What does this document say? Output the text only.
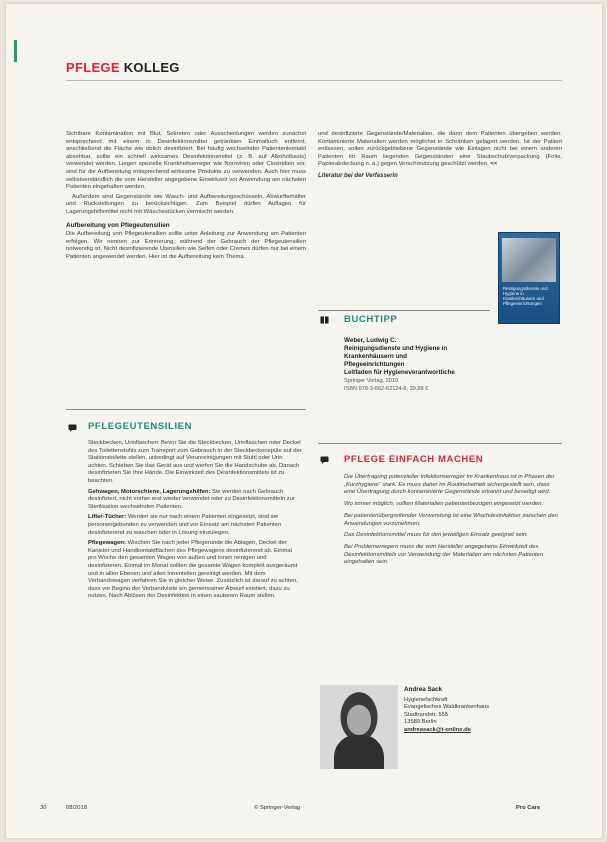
PFLEGE KOLLEG

Sichtbare Kontamination mit Blut, Sekreten oder Ausscheidungen werden zunächst entsprechend mit einem in Desinfektionsmittel getränkten Einmaltuch entfernt, anschließend die Fläche wie üblich desinfiziert. Bei häufig wechselnder Patientenkontakt absehbar, sollte ein schnell wirksames Desinfektionsmittel (z. B. auf Alkoholbasis) verwendet werden. Liegen spezielle Krankheitserreger wie Noroviren oder Clostridien vor, sind für die Aufbereitung entsprechend wirksame Produkte zu verwenden. Auch hier muss selbstverständlich die vom Hersteller angegebene Einwirkzeit vor Anwendung am nächsten Patienten eingehalten werden.

Außerdem sind Gegenstände wie Wasch- und Aufbereitungsschüsseln, Abwurfbehälter und Rückstellungen zu berücksichtigen. Zum Beispiel dürfen Auflagen für Lagerungshilfsmittel nicht mit Wäschestücken vermischt werden.

Aufbereitung von Pflegeutensilien

Die Aufbereitung von Pflegeutensilien sollte unter Anleitung zur Anwendung am Patienten erfolgen. Wir nennen zur Erinnerung, während der Gebrauch der Pflegeutensilien notwendig ist. Nicht desinfizierende Utensilien wie Seifen oder Cremes dürfen nur bei einem Patienten angewendet werden. Hier ist die Aufbereitung kein Thema.

und desinfizierte Gegenstände/Materialien, die dann dem Patienten übergeben werden. Kontaminierte Materialien werden möglichst in Schränken gelagert werden. Ist der Patient entlassen, sollen zurückgebliebene Gegenstände wie Einlagen nicht bei einem anderen Patienten im Raum liegenden Gegenständen eine Staubschutzverpackung (Folie, Papierabdeckung o. ä.) gegen Verschmutzung geschützt werden. <<

Literatur bei der Verfasserin
BUCHTIPP
Weber, Ludwig C.
Reinigungsdienste und Hygiene in
Krankenhäusern und
Pflegeeinrichtungen
Leitfaden für Hygieneverantwortliche
Springer Verlag, 2010
ISBN 978-3-662-62124-8, 39,99 €
Reinigungsdienste und Hygiene in Krankenhäusern und Pflegeeinrichtungen
PFLEGEUTENSILIEN

Steckbecken, Urinflaschen: Bevor Sie die Steckbecken, Urinflaschen oder Deckel des Toilettenstuhls zum Transport zum Gebrauch in der Steckbeckenspüle auf der Stationstoilette stellen, unbedingt auf Verunreinigungen mit Stuhl oder Urin achten. Schieben Sie das Gerät aus und werfen Sie die Handschuhe ab. Danach desinfizieren Sie Ihre Hände. Die Einwirkzeit des Desinfektionsmittels ist zu beachten.

Gehwagen, Motorschiene, Lagerungshilfen: Sie werden nach Gebrauch desinfiziert, nicht vorher erst wieder verwendet oder zu Desinfektionsmitteln zur Sterilisation wechselnden Patienten.

Lifter-Tücher: Werden sie nur nach einem Patienten eingesetzt, sind sie personengebunden zu verwenden und vor Einsatz am nächsten Patienten desinfizierend zu waschen oder in Lösung einzulegen.

Pflegewagen: Wischen Sie nach jeder Pflegerunde die Ablagen, Deckel der Kanister und Handkontaktflächen des Pflegewagens desinfizierend ab. Einmal pro Woche den gesamten Wagen von außen und innen reinigen und desinfizieren. Einmal im Monat sollten die gesamte Wagen komplett ausgeräumt und in allen Ebenen und allen Innenteilen gereinigt werden. Mit dem Verbandswagen verfahren Sie in gleicher Weise. Zusätzlich ist darauf zu achten, dass vor Beginn der Verbandvisite ein gemeinsamer Abwurf existiert, dazu zu nutzen. Nach Ablösen der Desinfektion in einen sauberen Raum stellen.

PFLEGE EINFACH MACHEN

Die Übertragung potenzieller Infektionserreger im Krankenhaus ist in Phasen der „Kurzhygiene“ stark. Es muss daher im Routinebetrieb sichergestellt sein, dass eine Übertragung durch kontaminierte Gegenstände erkannt und beseitigt wird.

Wo immer möglich, sollten Materialien patientenbezogen eingesetzt werden.

Bei patientenübergreifender Verwendung ist eine Wischdesinfektion zwischen den Anwendungen vorzunehmen.

Das Desinfektionsmittel muss für den jeweiligen Einsatz geeignet sein.

Bei Problemerregern muss die vom Hersteller angegebene Einwirkzeit des Desinfektionsmittels vor Verwendung der Materialien am nächsten Patienten eingehalten sein.

Andrea Sack
Hygienefachkraft
Evangelisches Waldkrankenhaus
Stadtrandstr. 555
13589 Berlin
andreasack@t-online.de
30	08/2018	© Springer-Verlag	Pro Care
